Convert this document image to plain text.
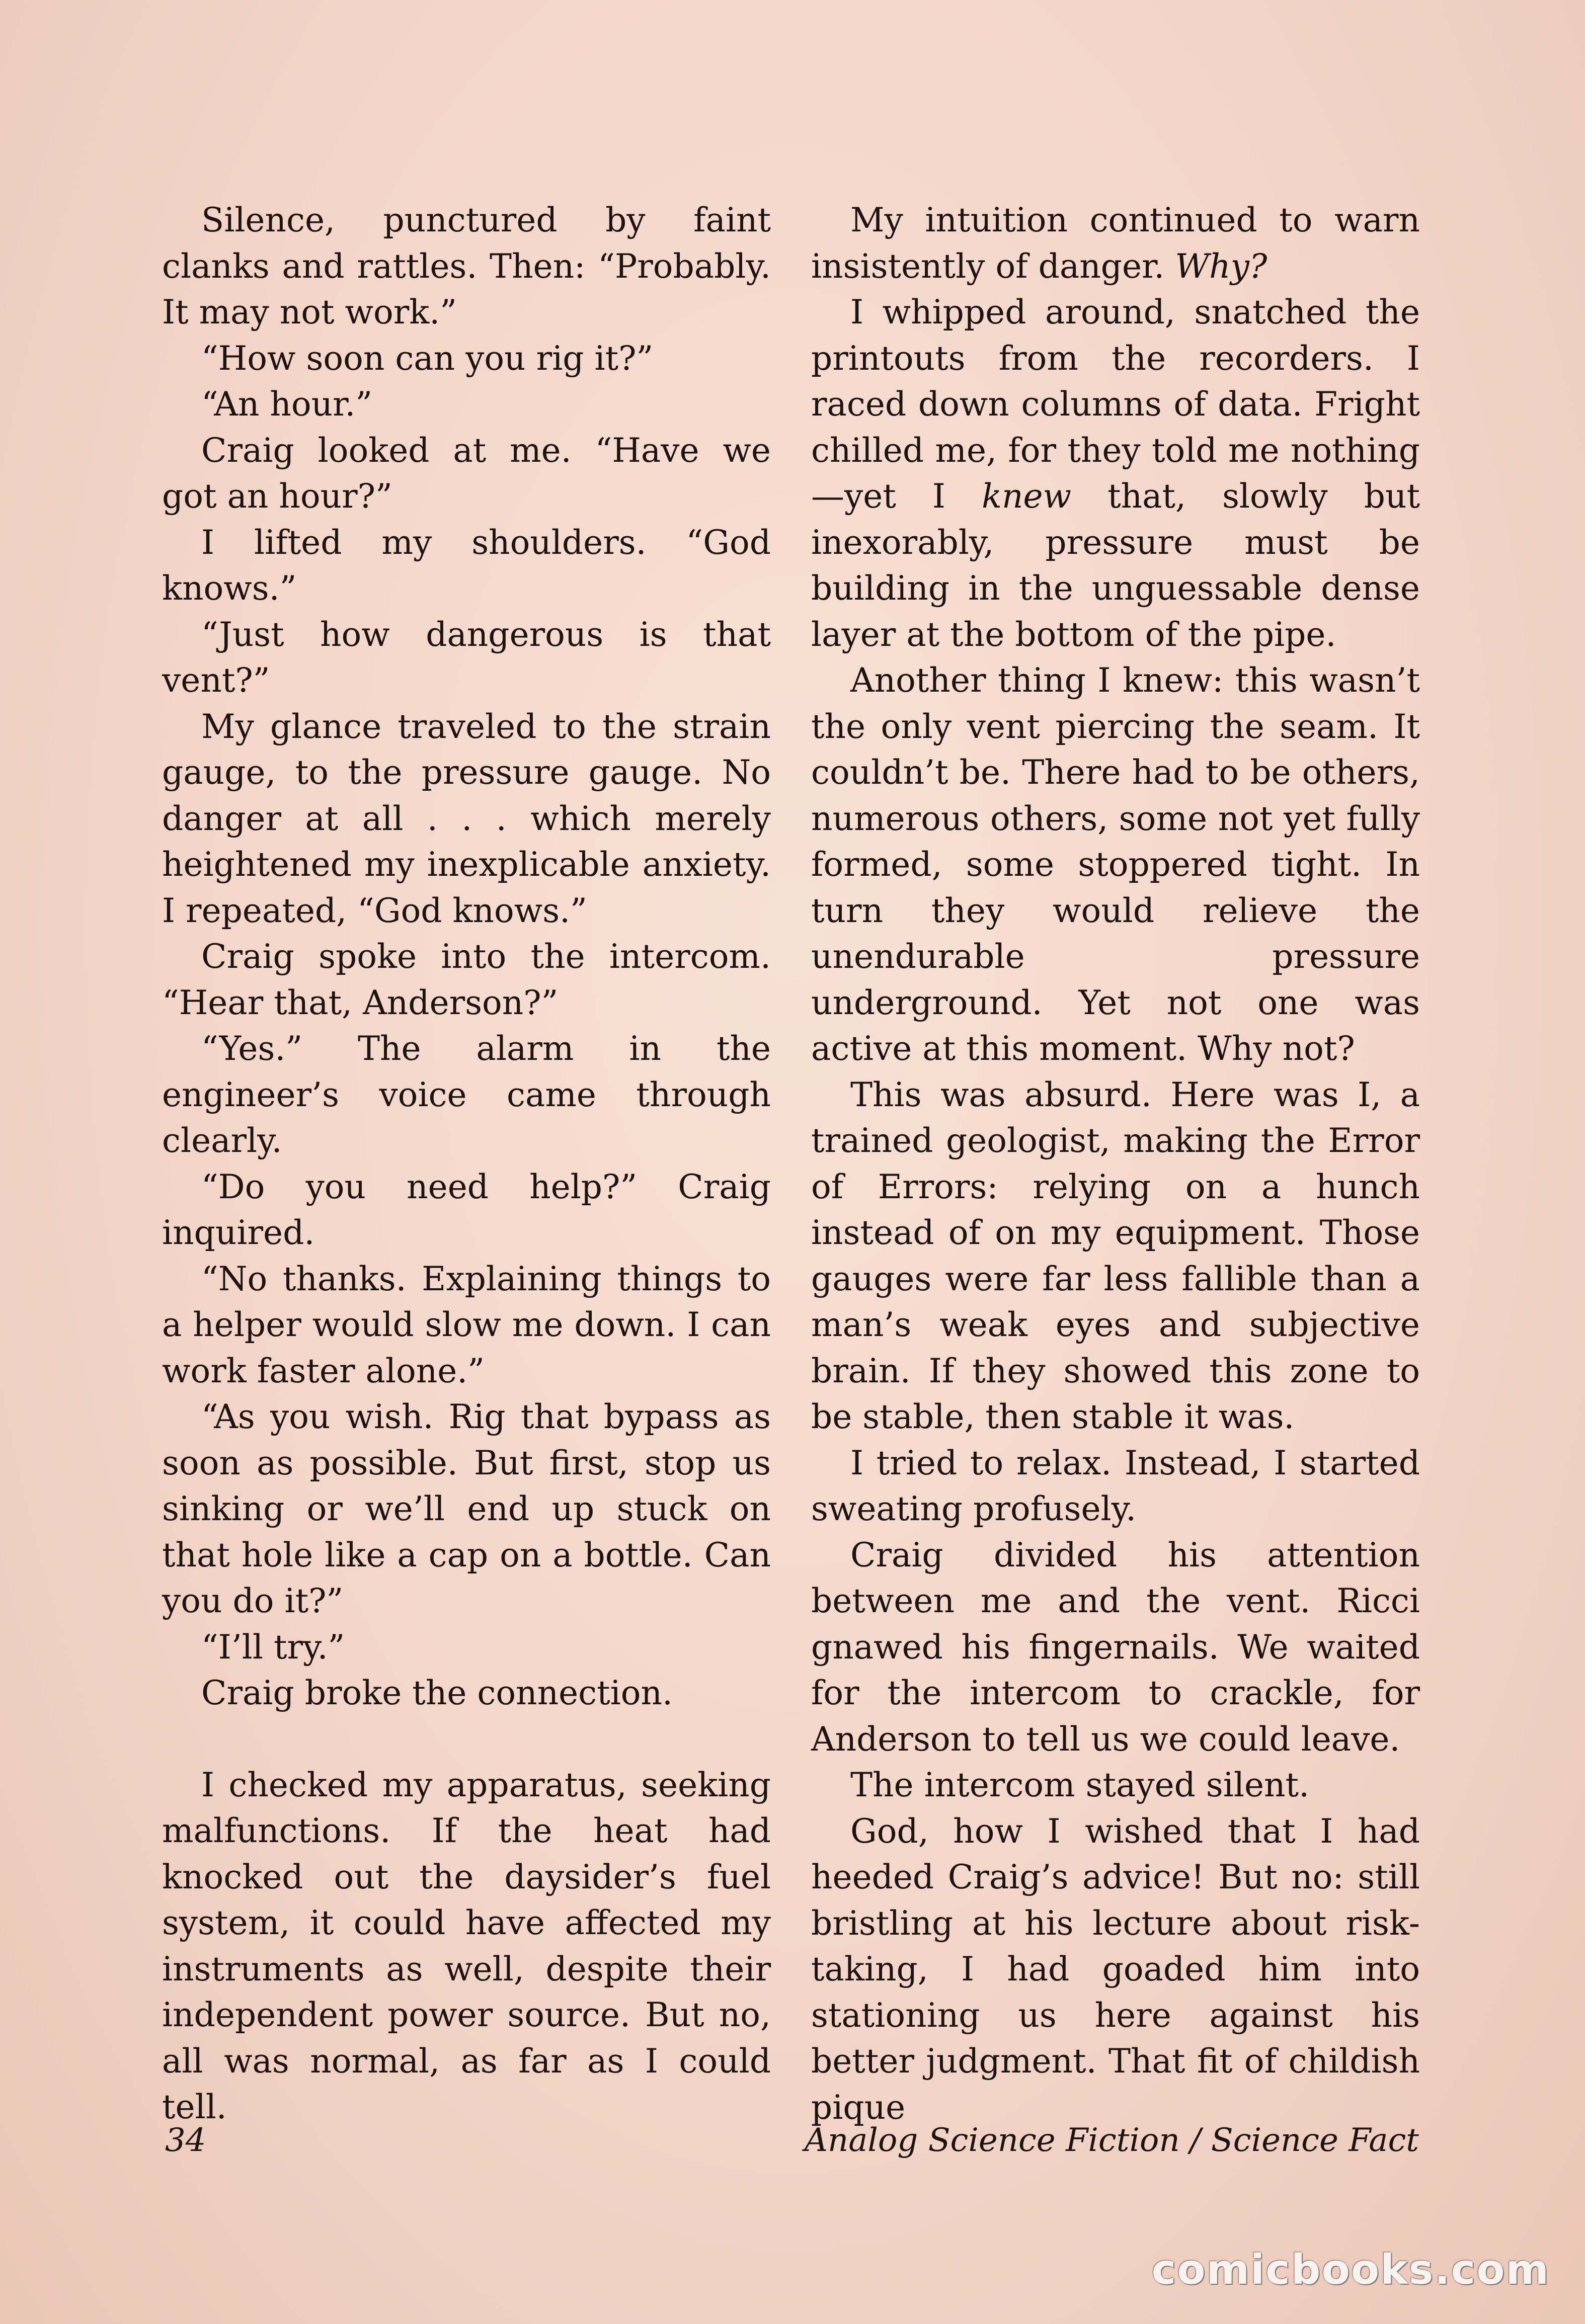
Silence, punctured by faint clanks and rattles. Then: “Probably. It may not work.”

“How soon can you rig it?”

“An hour.”

Craig looked at me. “Have we got an hour?”

I lifted my shoulders. “God knows.”

“Just how dangerous is that vent?”

My glance traveled to the strain gauge, to the pressure gauge. No danger at all . . . which merely heightened my inexplicable anxiety. I repeated, “God knows.”

Craig spoke into the intercom. “Hear that, Anderson?”

“Yes.” The alarm in the engineer’s voice came through clearly.

“Do you need help?” Craig inquired.

“No thanks. Explaining things to a helper would slow me down. I can work faster alone.”

“As you wish. Rig that bypass as soon as possible. But first, stop us sinking or we’ll end up stuck on that hole like a cap on a bottle. Can you do it?”

“I’ll try.”

Craig broke the connection.

I checked my apparatus, seeking malfunctions. If the heat had knocked out the daysider’s fuel system, it could have affected my instruments as well, despite their independent power source. But no, all was normal, as far as I could tell.

My intuition continued to warn insistently of danger. Why?

I whipped around, snatched the printouts from the recorders. I raced down columns of data. Fright chilled me, for they told me nothing—yet I knew that, slowly but inexorably, pressure must be building in the unguessable dense layer at the bottom of the pipe.

Another thing I knew: this wasn’t the only vent piercing the seam. It couldn’t be. There had to be others, numerous others, some not yet fully formed, some stoppered tight. In turn they would relieve the unendurable pressure underground. Yet not one was active at this moment. Why not?

This was absurd. Here was I, a trained geologist, making the Error of Errors: relying on a hunch instead of on my equipment. Those gauges were far less fallible than a man’s weak eyes and subjective brain. If they showed this zone to be stable, then stable it was.

I tried to relax. Instead, I started sweating profusely.

Craig divided his attention between me and the vent. Ricci gnawed his fingernails. We waited for the intercom to crackle, for Anderson to tell us we could leave.

The intercom stayed silent.

God, how I wished that I had heeded Craig’s advice! But no: still bristling at his lecture about risk-taking, I had goaded him into stationing us here against his better judgment. That fit of childish pique

34	Analog Science Fiction / Science Fact
comicbooks.com
